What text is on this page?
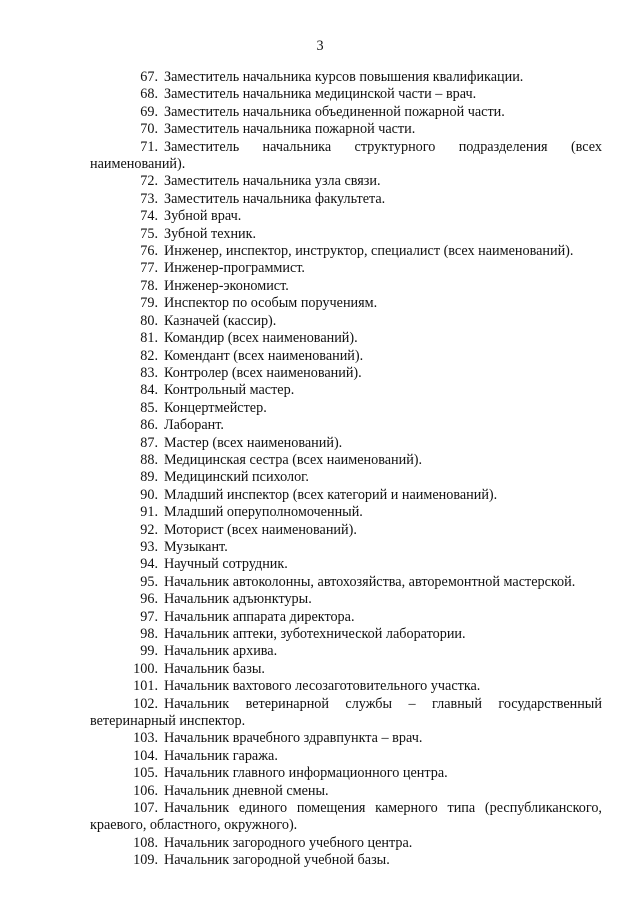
3
67. Заместитель начальника курсов повышения квалификации.
68. Заместитель начальника медицинской части – врач.
69. Заместитель начальника объединенной пожарной части.
70. Заместитель начальника пожарной части.
71. Заместитель начальника структурного подразделения (всех
наименований).
72. Заместитель начальника узла связи.
73. Заместитель начальника факультета.
74. Зубной врач.
75. Зубной техник.
76. Инженер, инспектор, инструктор, специалист (всех наименований).
77. Инженер-программист.
78. Инженер-экономист.
79. Инспектор по особым поручениям.
80. Казначей (кассир).
81. Командир (всех наименований).
82. Комендант (всех наименований).
83. Контролер (всех наименований).
84. Контрольный мастер.
85. Концертмейстер.
86. Лаборант.
87. Мастер (всех наименований).
88. Медицинская сестра (всех наименований).
89. Медицинский психолог.
90. Младший инспектор (всех категорий и наименований).
91. Младший оперуполномоченный.
92. Моторист (всех наименований).
93. Музыкант.
94. Научный сотрудник.
95. Начальник автоколонны, автохозяйства, авторемонтной мастерской.
96. Начальник адъюнктуры.
97. Начальник аппарата директора.
98. Начальник аптеки, зуботехнической лаборатории.
99. Начальник архива.
100. Начальник базы.
101. Начальник вахтового лесозаготовительного участка.
102. Начальник ветеринарной службы – главный государственный
ветеринарный инспектор.
103. Начальник врачебного здравпункта – врач.
104. Начальник гаража.
105. Начальник главного информационного центра.
106. Начальник дневной смены.
107. Начальник единого помещения камерного типа (республиканского,
краевого, областного, окружного).
108. Начальник загородного учебного центра.
109. Начальник загородной учебной базы.
